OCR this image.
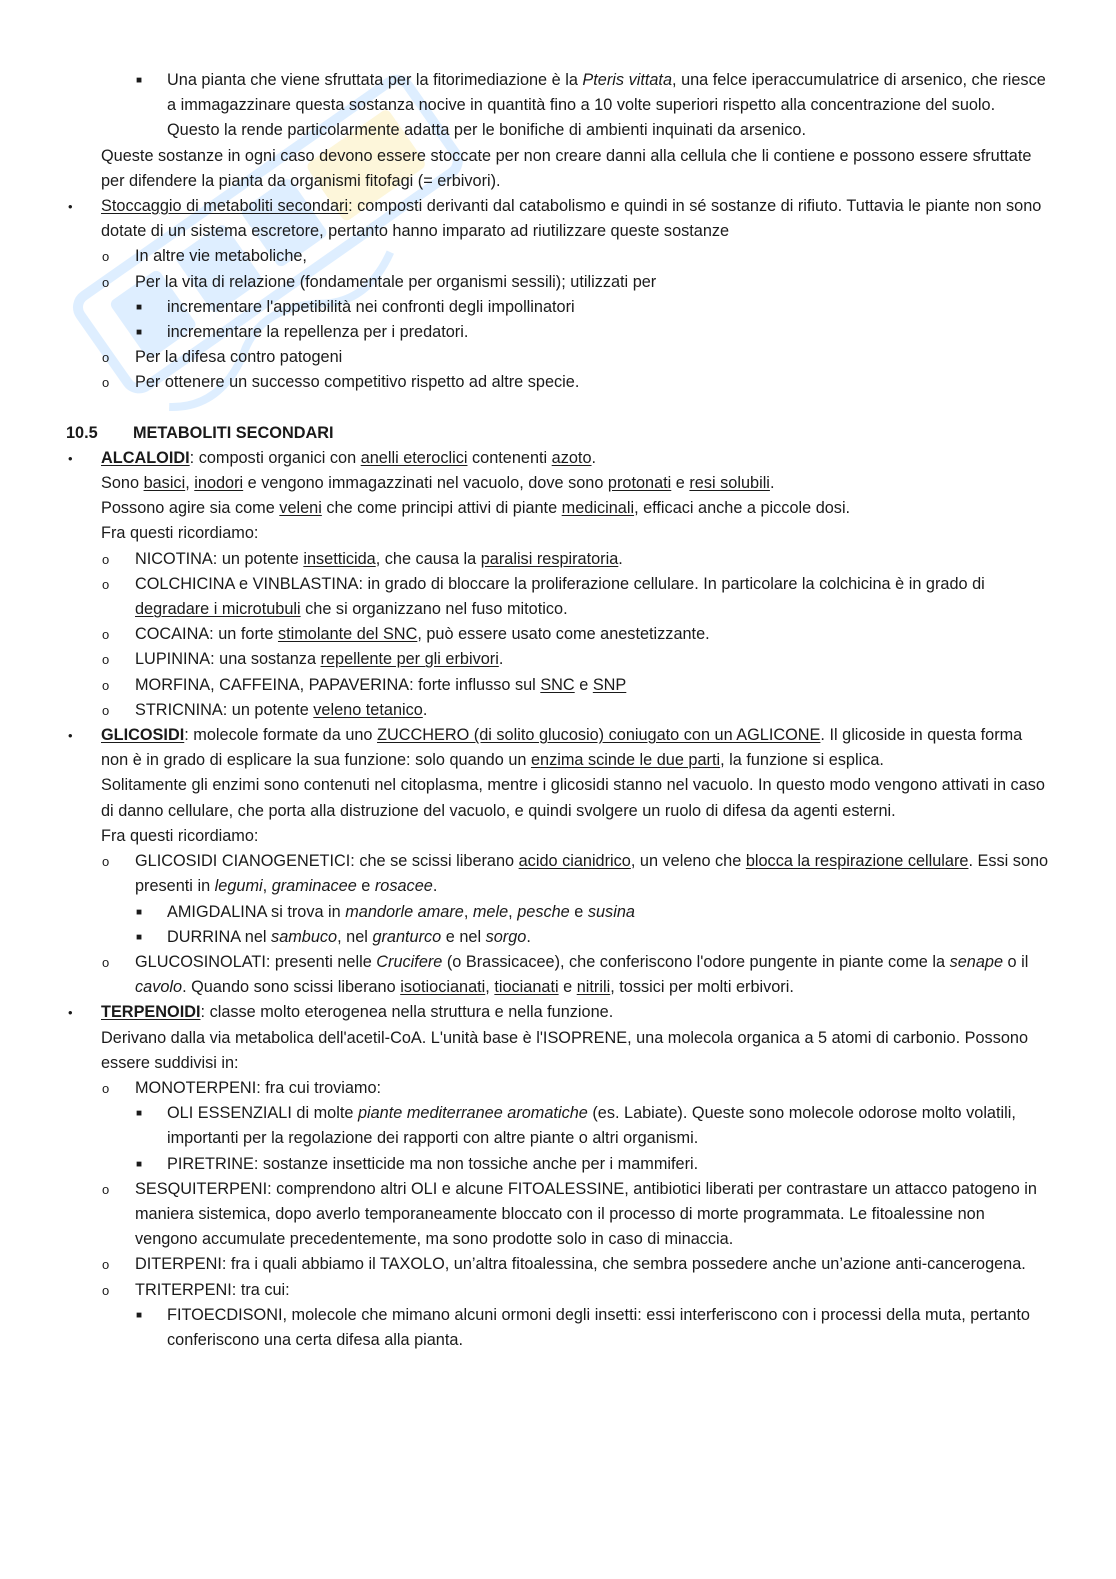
■ Una pianta che viene sfruttata per la fitorimediazione è la Pteris vittata, una felce iperaccumulatrice di arsenico, che riesce a immagazzinare questa sostanza nocive in quantità fino a 10 volte superiori rispetto alla concentrazione del suolo. Questo la rende particolarmente adatta per le bonifiche di ambienti inquinati da arsenico.
Queste sostanze in ogni caso devono essere stoccate per non creare danni alla cellula che li contiene e possono essere sfruttate per difendere la pianta da organismi fitofagi (= erbivori).
• Stoccaggio di metaboliti secondari: composti derivanti dal catabolismo e quindi in sé sostanze di rifiuto. Tuttavia le piante non sono dotate di un sistema escretore, pertanto hanno imparato ad riutilizzare queste sostanze
o In altre vie metaboliche,
o Per la vita di relazione (fondamentale per organismi sessili); utilizzati per
■ incrementare l'appetibilità nei confronti degli impollinatori
■ incrementare la repellenza per i predatori.
o Per la difesa contro patogeni
o Per ottenere un successo competitivo rispetto ad altre specie.
10.5 METABOLITI SECONDARI
• ALCALOIDI: composti organici con anelli eteroclici contenenti azoto.
Sono basici, inodori e vengono immagazzinati nel vacuolo, dove sono protonati e resi solubili.
Possono agire sia come veleni che come principi attivi di piante medicinali, efficaci anche a piccole dosi.
Fra questi ricordiamo:
o NICOTINA: un potente insetticida, che causa la paralisi respiratoria.
o COLCHICINA e VINBLASTINA: in grado di bloccare la proliferazione cellulare. In particolare la colchicina è in grado di degradare i microtubuli che si organizzano nel fuso mitotico.
o COCAINA: un forte stimolante del SNC, può essere usato come anestetizzante.
o LUPININA: una sostanza repellente per gli erbivori.
o MORFINA, CAFFEINA, PAPAVERINA: forte influsso sul SNC e SNP
o STRICNINA: un potente veleno tetanico.
• GLICOSIDI: molecole formate da uno ZUCCHERO (di solito glucosio) coniugato con un AGLICONE. Il glicoside in questa forma non è in grado di esplicare la sua funzione: solo quando un enzima scinde le due parti, la funzione si esplica.
Solitamente gli enzimi sono contenuti nel citoplasma, mentre i glicosidi stanno nel vacuolo. In questo modo vengono attivati in caso di danno cellulare, che porta alla distruzione del vacuolo, e quindi svolgere un ruolo di difesa da agenti esterni.
Fra questi ricordiamo:
o GLICOSIDI CIANOGENETICI: che se scissi liberano acido cianidrico, un veleno che blocca la respirazione cellulare. Essi sono presenti in legumi, graminacee e rosacee.
■ AMIGDALINA si trova in mandorle amare, mele, pesche e susina
■ DURRINA nel sambuco, nel granturco e nel sorgo.
o GLUCOSINOLATI: presenti nelle Crucifere (o Brassicacee), che conferiscono l'odore pungente in piante come la senape o il cavolo. Quando sono scissi liberano isotiocianati, tiocianati e nitrili, tossici per molti erbivori.
• TERPENOIDI: classe molto eterogenea nella struttura e nella funzione.
Derivano dalla via metabolica dell'acetil-CoA. L'unità base è l'ISOPRENE, una molecola organica a 5 atomi di carbonio. Possono essere suddivisi in:
o MONOTERPENI: fra cui troviamo:
■ OLI ESSENZIALI di molte piante mediterranee aromatiche (es. Labiate). Queste sono molecole odorose molto volatili, importanti per la regolazione dei rapporti con altre piante o altri organismi.
■ PIRETRINE: sostanze insetticide ma non tossiche anche per i mammiferi.
o SESQUITERPENI: comprendono altri OLI e alcune FITOALESSINE, antibiotici liberati per contrastare un attacco patogeno in maniera sistemica, dopo averlo temporaneamente bloccato con il processo di morte programmata. Le fitoalessine non vengono accumulate precedentemente, ma sono prodotte solo in caso di minaccia.
o DITERPENI: fra i quali abbiamo il TAXOLO, un’altra fitoalessina, che sembra possedere anche un’azione anti-cancerogena.
o TRITERPENI: tra cui:
■ FITOECDISONI, molecole che mimano alcuni ormoni degli insetti: essi interferiscono con i processi della muta, pertanto conferiscono una certa difesa alla pianta.
